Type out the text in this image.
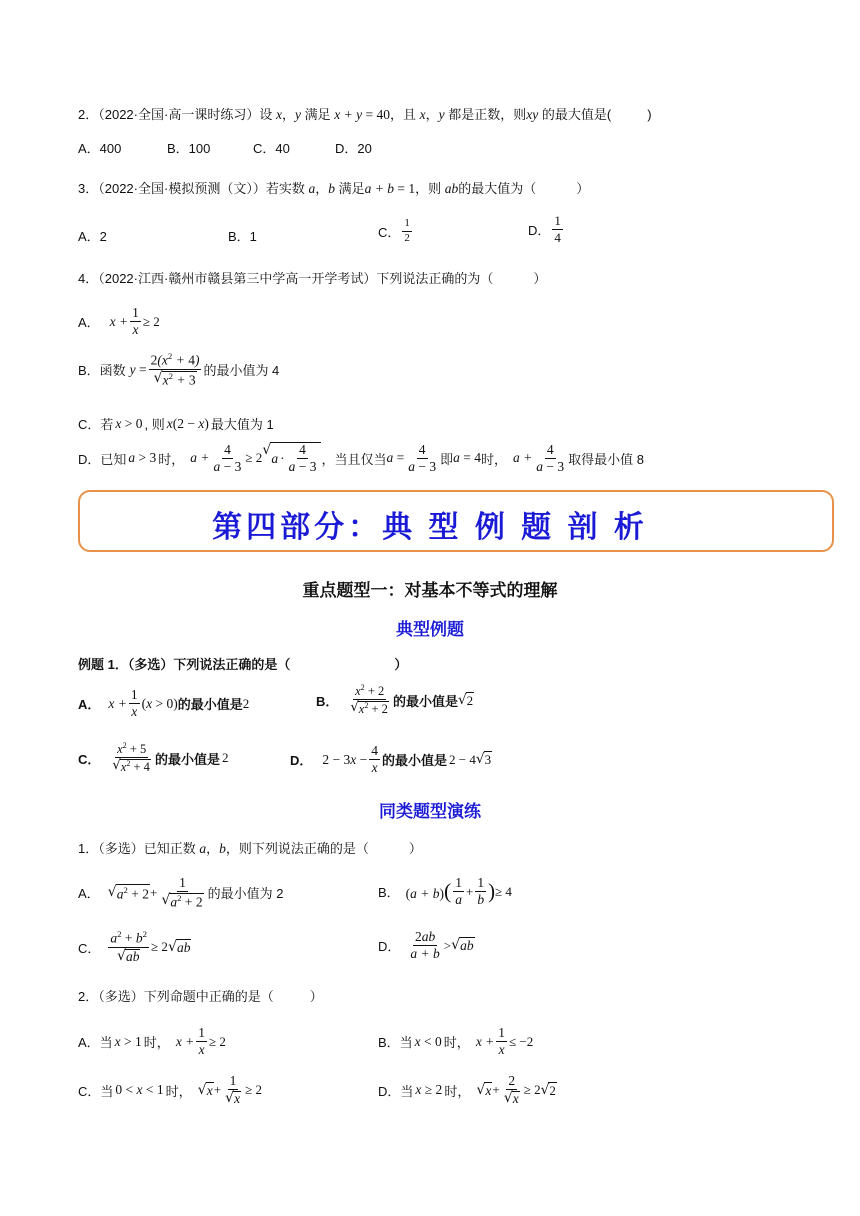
2．（2022·全国·高一课时练习）设 x，y 满足 x + y = 40，且 x，y 都是正数，则xy 的最大值是(	)
A．400	B．100	C．40	D．20
3．（2022·全国·模拟预测（文））若实数 a，b 满足a + b = 1，则 ab的最大值为（	）
A．2	B．1	C． $\frac{1}{2}$	D． $\frac{1}{4}$
4．（2022·江西·赣州市赣县第三中学高一开学考试）下列说法正确的为（	）
A． $x + \frac{1}{x} \ge 2$
B．函数 $y = \frac{2(x^2 + 4)}{√ x^2 + 3}$ 的最小值为 4
C．若 x > 0 , 则 x(2 − x) 最大值为 1
D．已知 a > 3 时， $a + \frac{4}{a - 3} \ge 2$ √
$a \cdot \frac{4}{a - 3}$ ，当且仅当 $a = \frac{4}{a - 3}$ 即 a = 4 时， $a + \frac{4}{a - 3}$ 取得最小值 8
第四部分：典 型 例 题 剖 析
重点题型一：对基本不等式的理解
典型例题
例题 1．（多选）下列说法正确的是（	）
A． $x + \frac{1}{x} (x > 0)$ 的最小值是 2	B． $\frac{x^2 + 2}{√ x^2 + 2}$ 的最小值是 √ 2
C． $\frac{x^2 + 5}{√ x^2 + 4}$ 的最小值是 2	D． $2 - 3x - \frac{4}{x}$ 的最小值是 2 − 4 √ 3
同类题型演练
1．（多选）已知正数 a，b，则下列说法正确的是（	）
A． √ $a^2 + 2 + \frac{1}{√ a^2 + 2}$ 的最小值为 2	B． $(a + b)( \frac{1}{a} + \frac{1}{b}$ ) ≥ 4
C． $\frac{a^2 + b^2}{√ ab} \ge 2$ √ ab	D． $\frac{2ab}{a + b}$ > √ ab
2．（多选）下列命题中正确的是（	）
A．当 x > 1 时， $x + \frac{1}{x} \ge 2$	B．当 x < 0 时， $x + \frac{1}{x} \le -2$
C．当 0 < x < 1 时， √ $x + \frac{1}{√ x} \ge 2$	D．当 x ≥ 2 时， √ $x + \frac{2}{√ x} \ge 2$ √ 2
